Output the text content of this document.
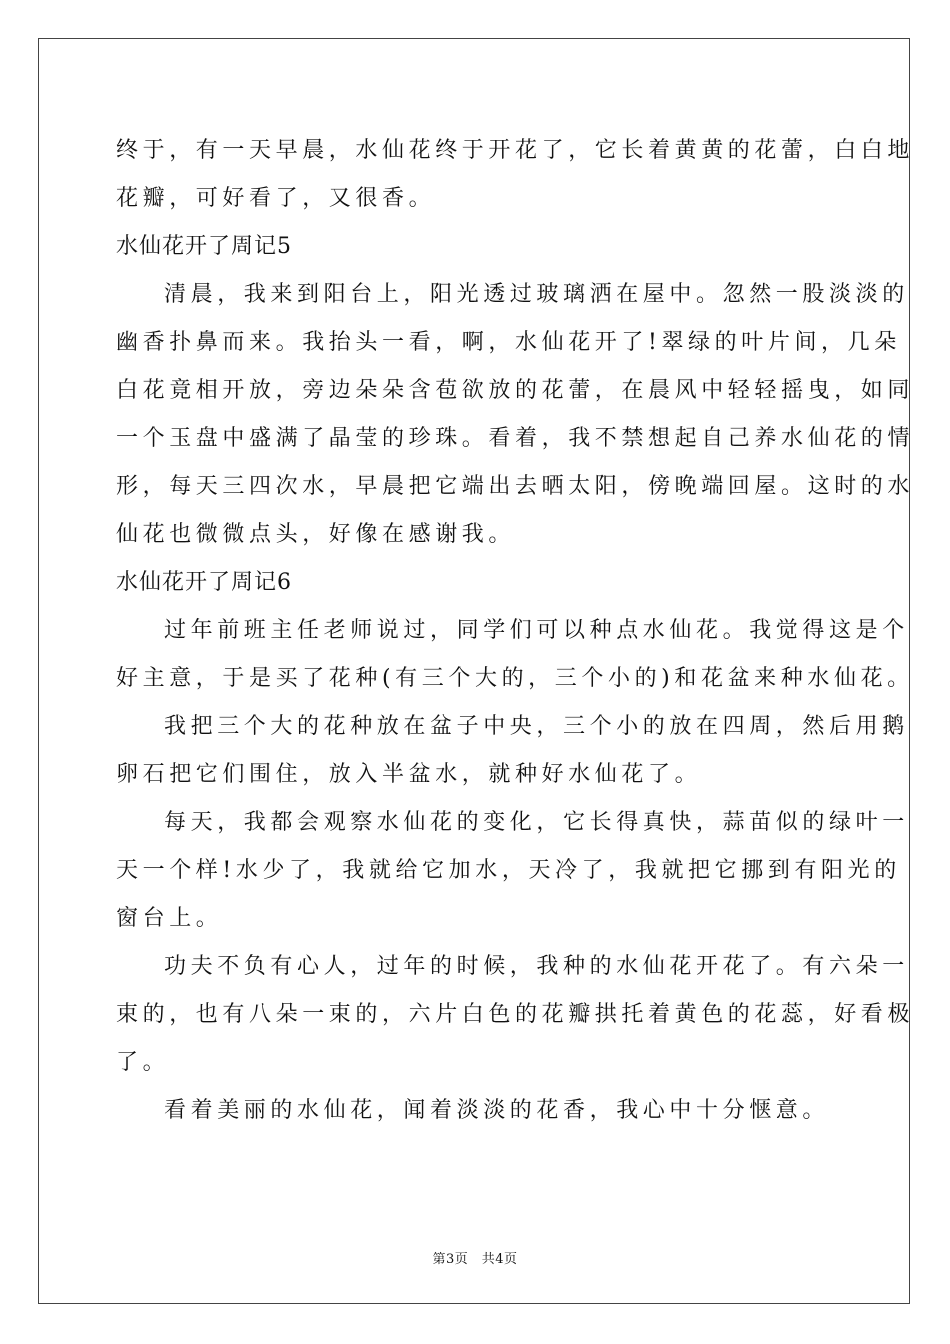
终于，有一天早晨，水仙花终于开花了，它长着黄黄的花蕾，白白地
花瓣，可好看了，又很香。
水仙花开了周记5
清晨，我来到阳台上，阳光透过玻璃洒在屋中。忽然一股淡淡的
幽香扑鼻而来。我抬头一看，啊，水仙花开了!翠绿的叶片间，几朵
白花竟相开放，旁边朵朵含苞欲放的花蕾，在晨风中轻轻摇曳，如同
一个玉盘中盛满了晶莹的珍珠。看着，我不禁想起自己养水仙花的情
形，每天三四次水，早晨把它端出去晒太阳，傍晚端回屋。这时的水
仙花也微微点头，好像在感谢我。
水仙花开了周记6
过年前班主任老师说过，同学们可以种点水仙花。我觉得这是个
好主意，于是买了花种(有三个大的，三个小的)和花盆来种水仙花。
我把三个大的花种放在盆子中央，三个小的放在四周，然后用鹅
卵石把它们围住，放入半盆水，就种好水仙花了。
每天，我都会观察水仙花的变化，它长得真快，蒜苗似的绿叶一
天一个样!水少了，我就给它加水，天冷了，我就把它挪到有阳光的
窗台上。
功夫不负有心人，过年的时候，我种的水仙花开花了。有六朵一
束的，也有八朵一束的，六片白色的花瓣拱托着黄色的花蕊，好看极
了。
看着美丽的水仙花，闻着淡淡的花香，我心中十分惬意。
第3页　共4页
